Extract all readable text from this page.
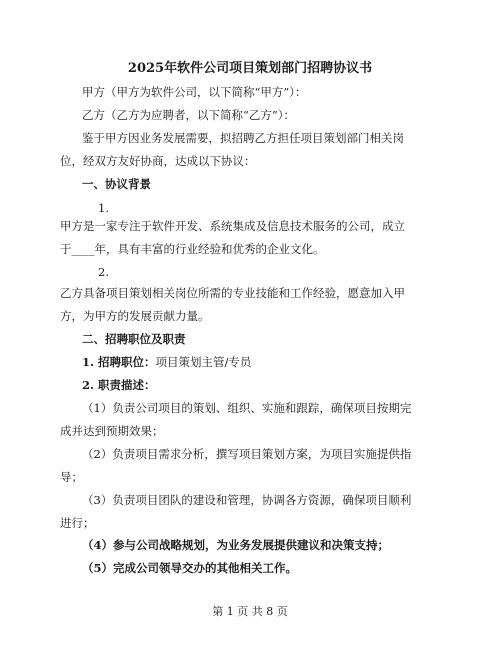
2025年软件公司项目策划部门招聘协议书
甲方（甲方为软件公司，以下简称“甲方”）：
乙方（乙方为应聘者，以下简称“乙方”）：
鉴于甲方因业务发展需要，拟招聘乙方担任项目策划部门相关岗
位，经双方友好协商，达成以下协议：
一、协议背景
1.
甲方是一家专注于软件开发、系统集成及信息技术服务的公司，成立
于____年，具有丰富的行业经验和优秀的企业文化。
2.
乙方具备项目策划相关岗位所需的专业技能和工作经验，愿意加入甲
方，为甲方的发展贡献力量。
二、招聘职位及职责
1. 招聘职位：项目策划主管/专员
2. 职责描述：
（1）负责公司项目的策划、组织、实施和跟踪，确保项目按期完
成并达到预期效果；
（2）负责项目需求分析，撰写项目策划方案，为项目实施提供指
导；
（3）负责项目团队的建设和管理，协调各方资源，确保项目顺利
进行；
（4）参与公司战略规划，为业务发展提供建议和决策支持；
（5）完成公司领导交办的其他相关工作。
第 1 页 共 8 页
